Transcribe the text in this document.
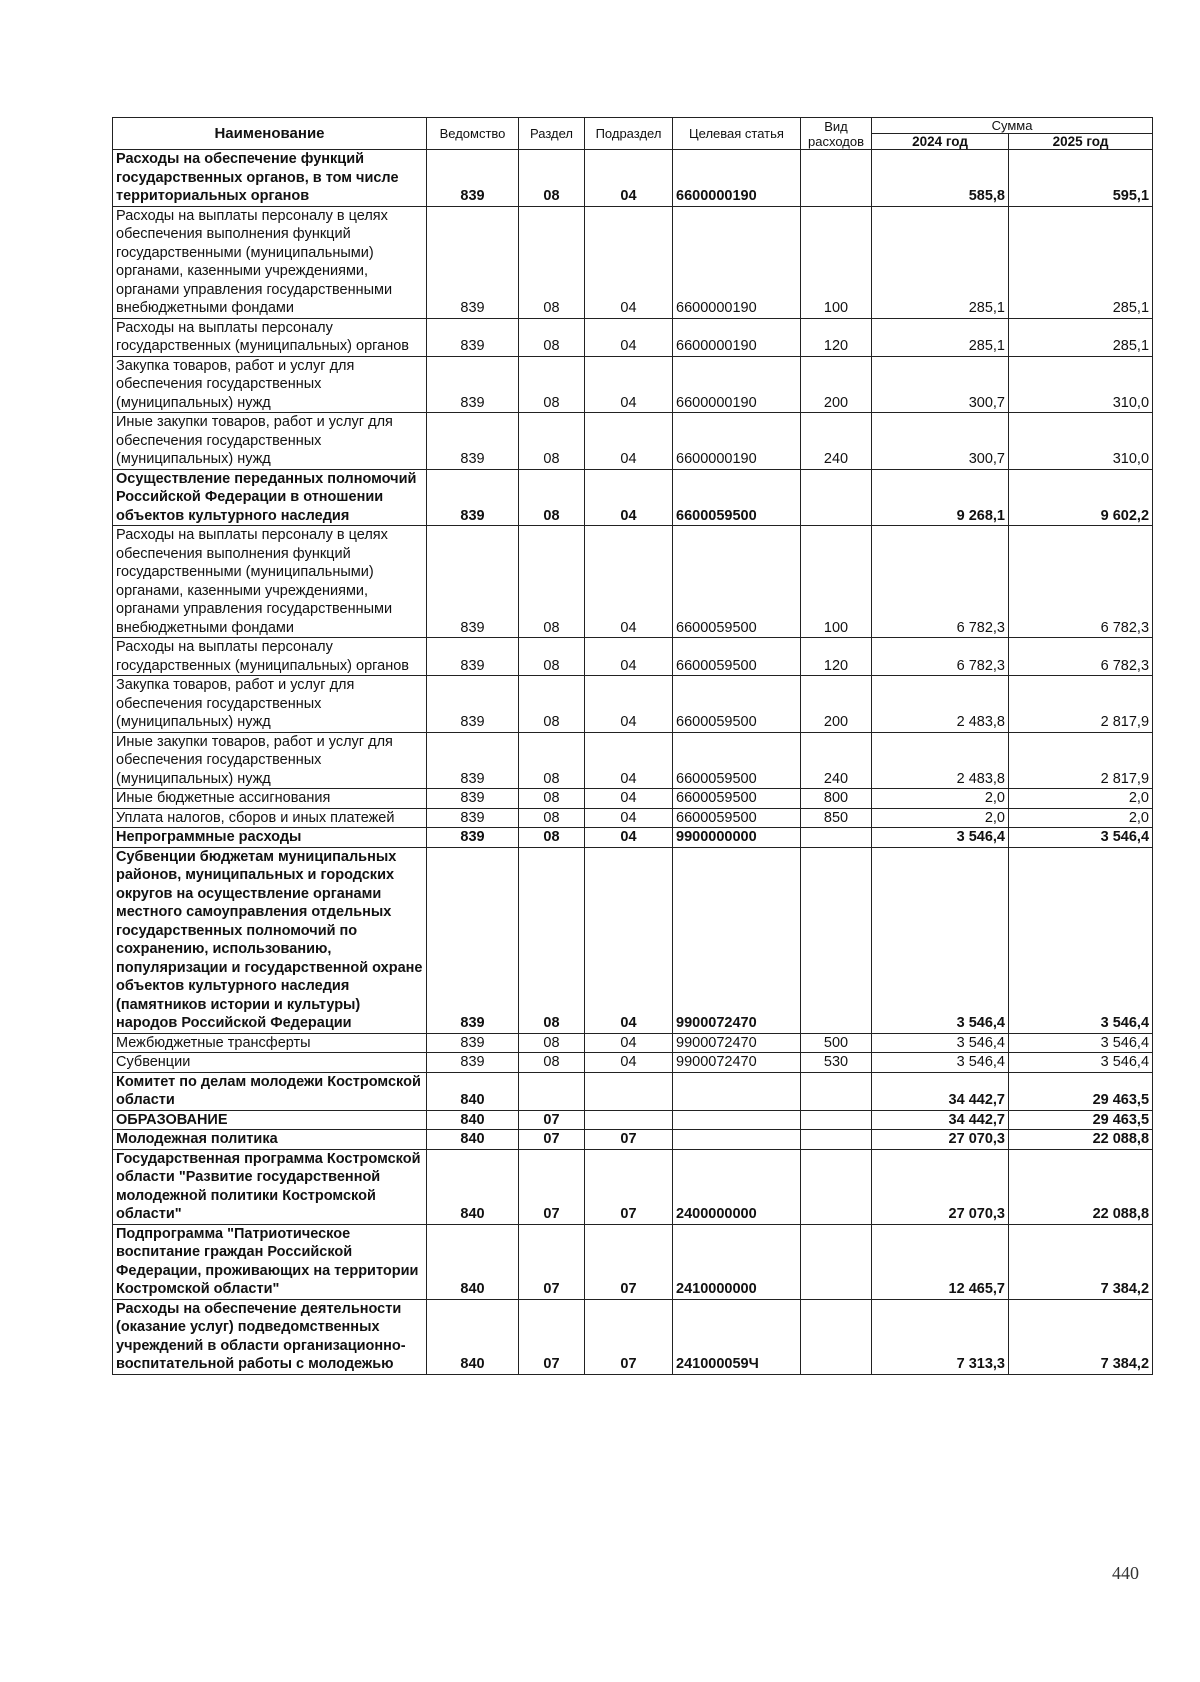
Наименование	Ведомство	Раздел	Подраздел	Целевая статья	Вид расходов	Сумма	
						2024 год	2025 год
Расходы на обеспечение функций государственных органов, в том числе территориальных органов	839	08	04	6600000190		585,8	595,1
Расходы на выплаты персоналу в целях обеспечения выполнения функций государственными (муниципальными) органами, казенными учреждениями, органами управления государственными внебюджетными фондами	839	08	04	6600000190	100	285,1	285,1
Расходы на выплаты персоналу государственных (муниципальных) органов	839	08	04	6600000190	120	285,1	285,1
Закупка товаров, работ и услуг для обеспечения государственных (муниципальных) нужд	839	08	04	6600000190	200	300,7	310,0
Иные закупки товаров, работ и услуг для обеспечения государственных (муниципальных) нужд	839	08	04	6600000190	240	300,7	310,0
Осуществление переданных полномочий Российской Федерации в отношении объектов культурного наследия	839	08	04	6600059500		9 268,1	9 602,2
Расходы на выплаты персоналу в целях обеспечения выполнения функций государственными (муниципальными) органами, казенными учреждениями, органами управления государственными внебюджетными фондами	839	08	04	6600059500	100	6 782,3	6 782,3
Расходы на выплаты персоналу государственных (муниципальных) органов	839	08	04	6600059500	120	6 782,3	6 782,3
Закупка товаров, работ и услуг для обеспечения государственных (муниципальных) нужд	839	08	04	6600059500	200	2 483,8	2 817,9
Иные закупки товаров, работ и услуг для обеспечения государственных (муниципальных) нужд	839	08	04	6600059500	240	2 483,8	2 817,9
Иные бюджетные ассигнования	839	08	04	6600059500	800	2,0	2,0
Уплата налогов, сборов и иных платежей	839	08	04	6600059500	850	2,0	2,0
Непрограммные расходы	839	08	04	9900000000		3 546,4	3 546,4
Субвенции бюджетам муниципальных районов, муниципальных и городских округов на осуществление органами местного самоуправления отдельных государственных полномочий по сохранению, использованию, популяризации и государственной охране объектов культурного наследия (памятников истории и культуры) народов Российской Федерации	839	08	04	9900072470		3 546,4	3 546,4
Межбюджетные трансферты	839	08	04	9900072470	500	3 546,4	3 546,4
Субвенции	839	08	04	9900072470	530	3 546,4	3 546,4
Комитет по делам молодежи Костромской области	840					34 442,7	29 463,5
ОБРАЗОВАНИЕ	840	07				34 442,7	29 463,5
Молодежная политика	840	07	07			27 070,3	22 088,8
Государственная программа Костромской области "Развитие государственной молодежной политики Костромской области"	840	07	07	2400000000		27 070,3	22 088,8
Подпрограмма "Патриотическое воспитание граждан Российской Федерации, проживающих на территории Костромской области"	840	07	07	2410000000		12 465,7	7 384,2
Расходы на обеспечение деятельности (оказание услуг) подведомственных учреждений в области организационно-воспитательной работы с молодежью	840	07	07	241000059Ч		7 313,3	7 384,2
440
